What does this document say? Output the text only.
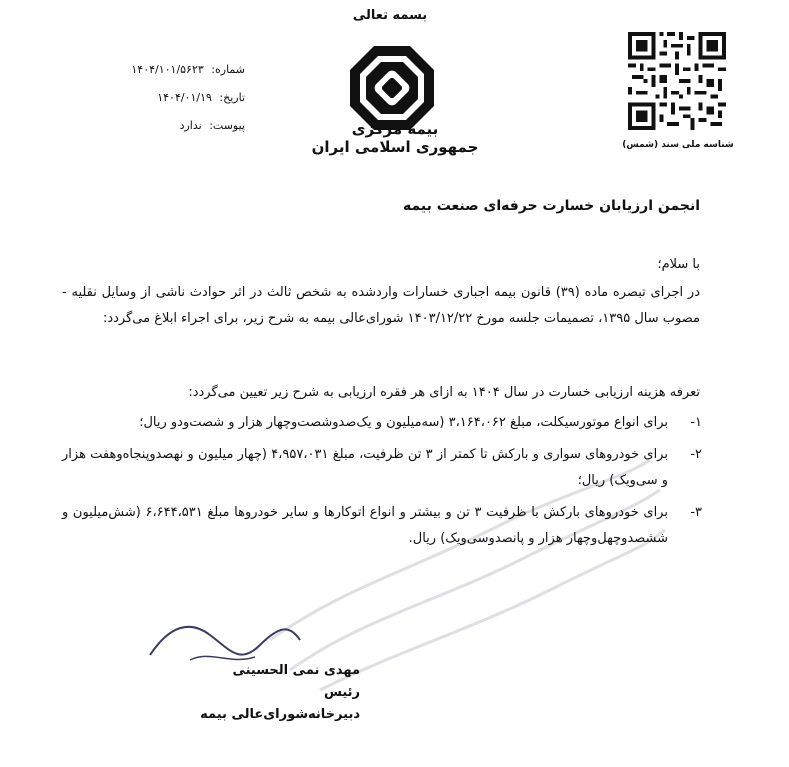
بسمه تعالی
شماره: ۱۴۰۴/۱۰۱/۵۶۲۳
تاریخ: ۱۴۰۴/۰۱/۱۹
پیوست: ندارد	بیمه مرکزی
جمهوری اسلامی ایران	شناسه ملی سند (شمس)
انجمن ارزیابان خسارت حرفه‌ای صنعت بیمه
با سلام؛
در اجرای تبصره ماده (۳۹) قانون بیمه اجباری خسارات واردشده به شخص ثالث در اثر حوادث ناشی از وسایل نقلیه - مصوب سال ۱۳۹۵، تصمیمات جلسه مورخ ۱۴۰۳/۱۲/۲۲ شورای‌عالی بیمه به شرح زیر، برای اجراء ابلاغ می‌گردد:
تعرفه هزینه ارزیابی خسارت در سال ۱۴۰۴ به ازای هر فقره ارزیابی به شرح زیر تعیین می‌گردد:
۱-
برای انواع موتورسیکلت، مبلغ ۳،۱۶۴،۰۶۲ (سه‌میلیون و یک‌صدوشصت‌وچهار هزار و شصت‌ودو ریال؛
۲-
برای خودروهای سواری و بارکش تا کمتر از ۳ تن ظرفیت، مبلغ ۴،۹۵۷،۰۳۱ (چهار میلیون و نهصدوپنجاه‌وهفت هزار و سی‌ویک) ریال؛
۳-
برای خودروهای بارکش با ظرفیت ۳ تن و بیشتر و انواع اتوکارها و سایر خودروها مبلغ ۶،۶۴۴،۵۳۱ (شش‌میلیون و ششصدوچهل‌وچهار هزار و پانصدوسی‌ویک) ریال.
مهدی نمی الحسینی
رئیس
دبیرخانه‌شورای‌عالی بیمه
